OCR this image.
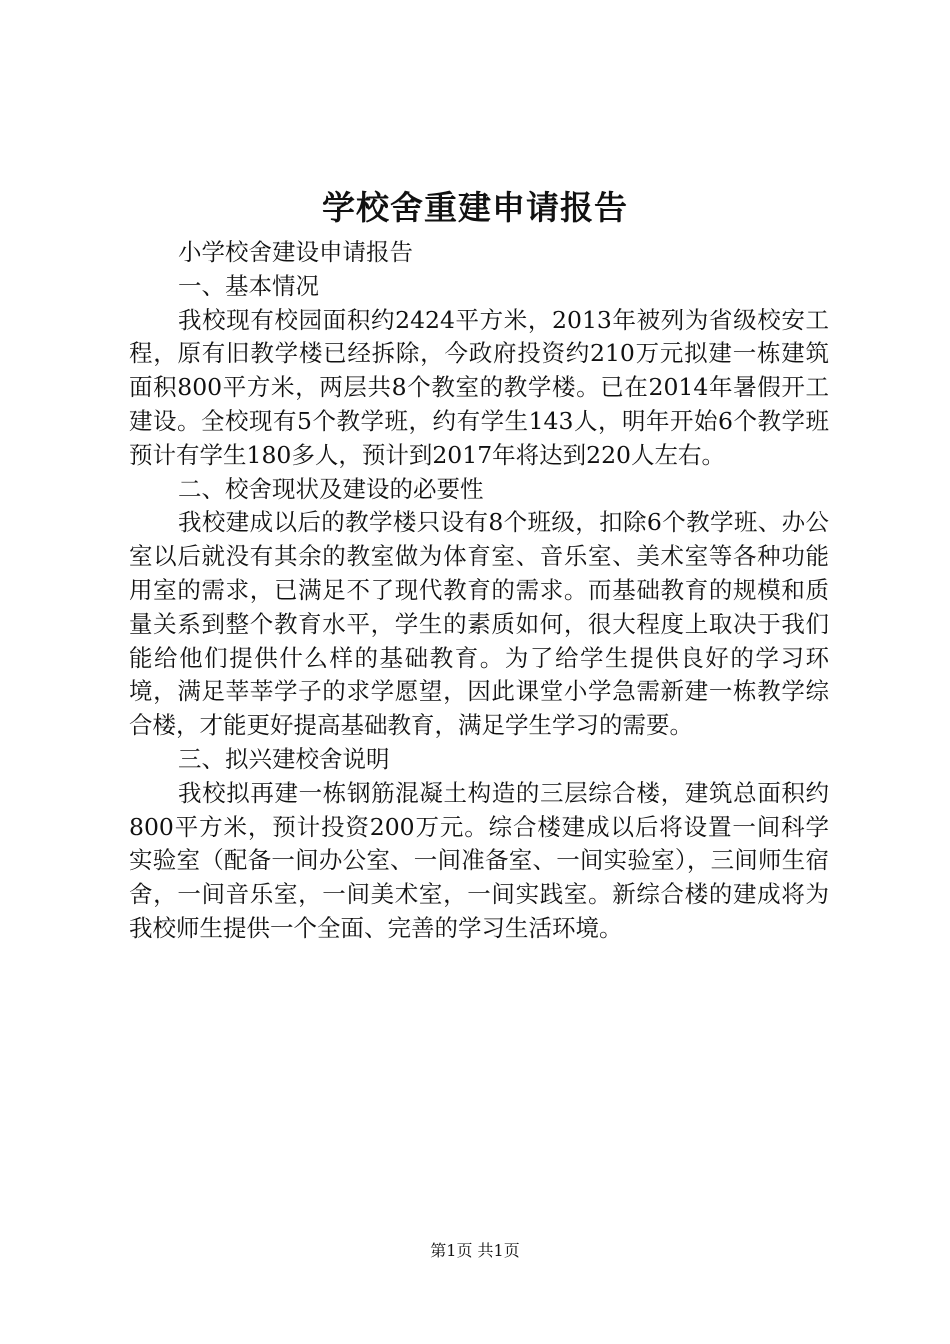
学校舍重建申请报告

小学校舍建设申请报告

一、基本情况

我校现有校园面积约2424平方米，2013年被列为省级校安工程，原有旧教学楼已经拆除，今政府投资约210万元拟建一栋建筑面积800平方米，两层共8个教室的教学楼。已在2014年暑假开工建设。全校现有5个教学班，约有学生143人，明年开始6个教学班预计有学生180多人，预计到2017年将达到220人左右。

二、校舍现状及建设的必要性

我校建成以后的教学楼只设有8个班级，扣除6个教学班、办公室以后就没有其余的教室做为体育室、音乐室、美术室等各种功能用室的需求，已满足不了现代教育的需求。而基础教育的规模和质量关系到整个教育水平，学生的素质如何，很大程度上取决于我们能给他们提供什么样的基础教育。为了给学生提供良好的学习环境，满足莘莘学子的求学愿望，因此课堂小学急需新建一栋教学综合楼，才能更好提高基础教育，满足学生学习的需要。

三、拟兴建校舍说明

我校拟再建一栋钢筋混凝土构造的三层综合楼，建筑总面积约800平方米，预计投资200万元。综合楼建成以后将设置一间科学实验室（配备一间办公室、一间准备室、一间实验室），三间师生宿舍，一间音乐室，一间美术室，一间实践室。新综合楼的建成将为我校师生提供一个全面、完善的学习生活环境。

第1页 共1页
